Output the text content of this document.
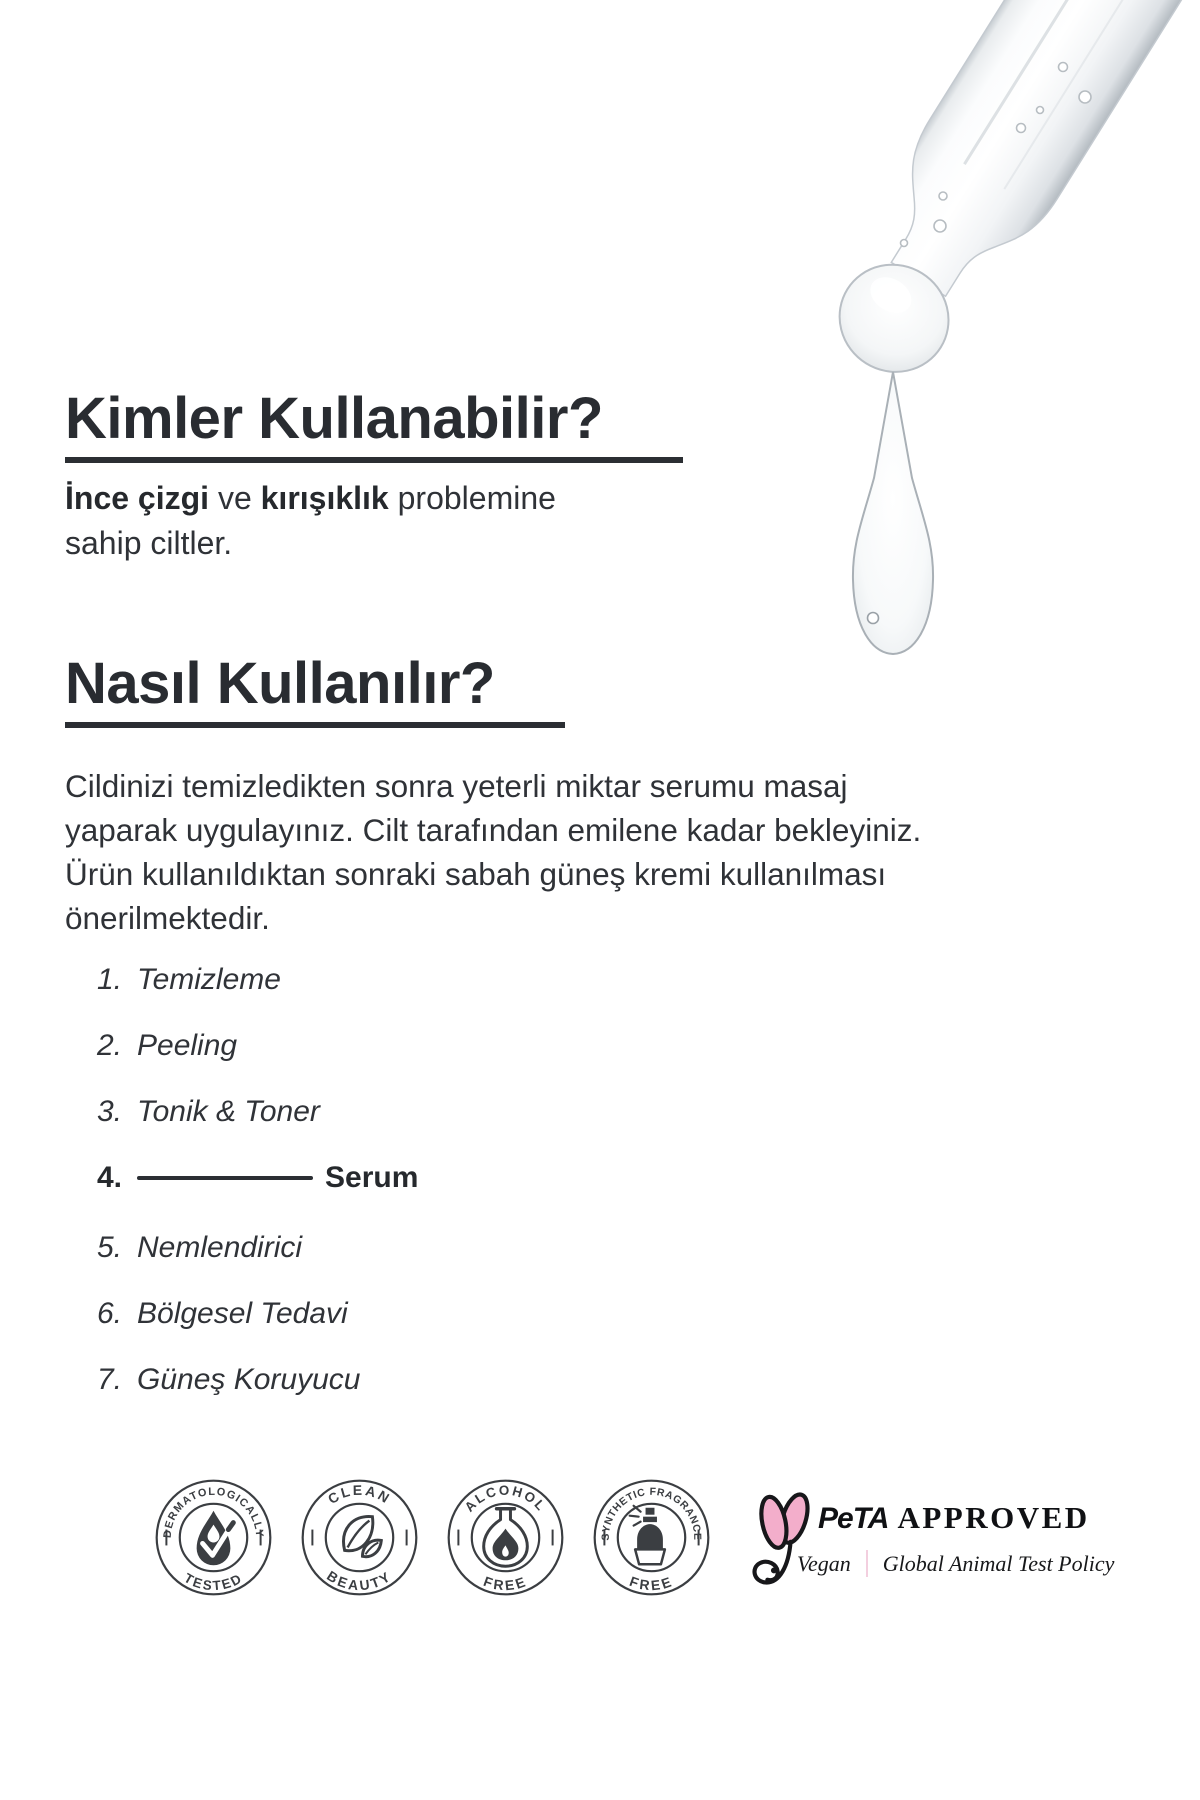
Kimler Kullanabilir?
İnce çizgi ve kırışıklık problemine
sahip ciltler.
Nasıl Kullanılır?
Cildinizi temizledikten sonra yeterli miktar serumu masaj
yaparak uygulayınız. Cilt tarafından emilene kadar bekleyiniz.
Ürün kullanıldıktan sonraki sabah güneş kremi kullanılması
önerilmektedir.
1. Temizleme
2. Peeling
3. Tonik & Toner
4.	Serum
5. Nemlendirici
6. Bölgesel Tedavi
7. Güneş Koruyucu
DERMATOLOGICALLY
TESTED
CLEAN
BEAUTY
ALCOHOL
FREE
SYNTHETIC FRAGRANCE
FREE
PeTA APPROVED
Vegan Global Animal Test Policy
